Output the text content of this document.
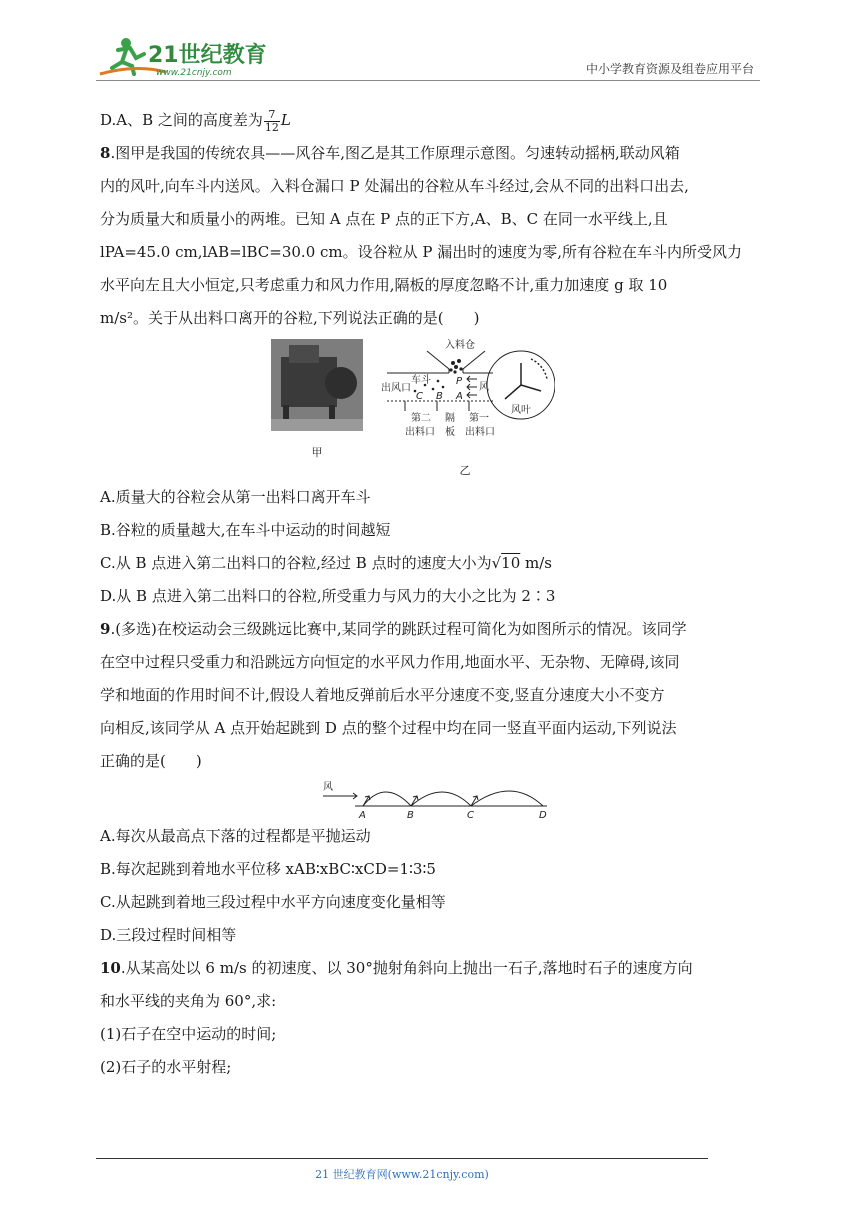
21世纪教育
www.21cnjy.com	中小学教育资源及组卷应用平台

D.A、B 之间的高度差为 $\frac{7}{12}$ L

8.图甲是我国的传统农具——风谷车,图乙是其工作原理示意图。匀速转动摇柄,联动风箱

内的风叶,向车斗内送风。入料仓漏口 P 处漏出的谷粒从车斗经过,会从不同的出料口出去,

分为质量大和质量小的两堆。已知 A 点在 P 点的正下方,A、B、C 在同一水平线上,且

lPA=45.0 cm,lAB=lBC=30.0 cm。设谷粒从 P 漏出时的速度为零,所有谷粒在车斗内所受风力

水平向左且大小恒定,只考虑重力和风力作用,隔板的厚度忽略不计,重力加速度 g 取 10

m/s²。关于从出料口离开的谷粒,下列说法正确的是(　　)

甲
入料仓
出风口
车斗	P
C B A
风
风叶
第二
出料口
隔
板
第一
出料口
乙

A.质量大的谷粒会从第一出料口离开车斗

B.谷粒的质量越大,在车斗中运动的时间越短

C.从 B 点进入第二出料口的谷粒,经过 B 点时的速度大小为√10 m/s

D.从 B 点进入第二出料口的谷粒,所受重力与风力的大小之比为 2∶3

9.(多选)在校运动会三级跳远比赛中,某同学的跳跃过程可简化为如图所示的情况。该同学

在空中过程只受重力和沿跳远方向恒定的水平风力作用,地面水平、无杂物、无障碍,该同

学和地面的作用时间不计,假设人着地反弹前后水平分速度不变,竖直分速度大小不变方

向相反,该同学从 A 点开始起跳到 D 点的整个过程中均在同一竖直平面内运动,下列说法

正确的是(　　)

风
A	B	C	D

A.每次从最高点下落的过程都是平抛运动

B.每次起跳到着地水平位移 xAB∶xBC∶xCD=1∶3∶5

C.从起跳到着地三段过程中水平方向速度变化量相等

D.三段过程时间相等

10.从某高处以 6 m/s 的初速度、以 30°抛射角斜向上抛出一石子,落地时石子的速度方向

和水平线的夹角为 60°,求:

(1)石子在空中运动的时间;

(2)石子的水平射程;

21 世纪教育网(www.21cnjy.com)
